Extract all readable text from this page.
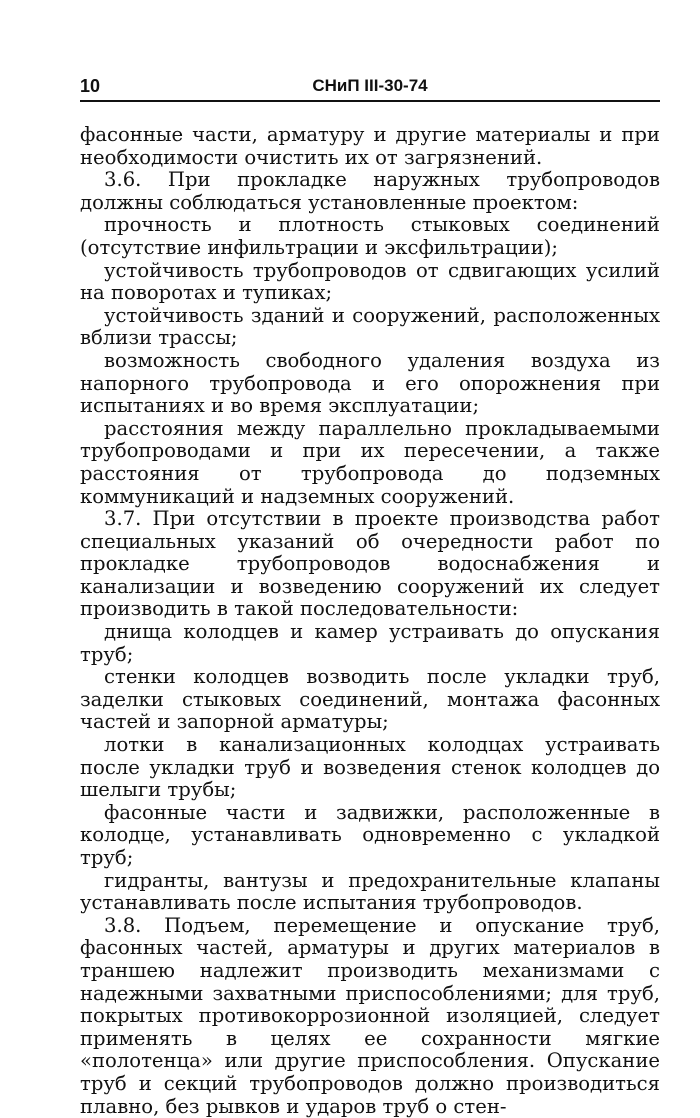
10	СНиП III-30-74

фасонные части, арматуру и другие материалы и при необходимости очистить их от загрязнений.

3.6. При прокладке наружных трубопроводов должны соблюдаться установленные проектом:

прочность и плотность стыковых соединений (отсутствие инфильтрации и эксфильтрации);

устойчивость трубопроводов от сдвигающих усилий на поворотах и тупиках;

устойчивость зданий и сооружений, расположенных вблизи трассы;

возможность свободного удаления воздуха из напорного трубопровода и его опорожнения при испытаниях и во время эксплуатации;

расстояния между параллельно прокладываемыми трубопроводами и при их пересечении, а также расстояния от трубопровода до подземных коммуникаций и надземных сооружений.

3.7. При отсутствии в проекте производства работ специальных указаний об очередности работ по прокладке трубопроводов водоснабжения и канализации и возведению сооружений их следует производить в такой последовательности:

днища колодцев и камер устраивать до опускания труб;

стенки колодцев возводить после укладки труб, заделки стыковых соединений, монтажа фасонных частей и запорной арматуры;

лотки в канализационных колодцах устраивать после укладки труб и возведения стенок колодцев до шелыги трубы;

фасонные части и задвижки, расположенные в колодце, устанавливать одновременно с укладкой труб;

гидранты, вантузы и предохранительные клапаны устанавливать после испытания трубопроводов.

3.8. Подъем, перемещение и опускание труб, фасонных частей, арматуры и других материалов в траншею надлежит производить механизмами с надежными захватными приспособлениями; для труб, покрытых противокоррозионной изоляцией, следует применять в целях ее сохранности мягкие «полотенца» или другие приспособления. Опускание труб и секций трубопроводов должно производиться плавно, без рывков и ударов труб о стен-
